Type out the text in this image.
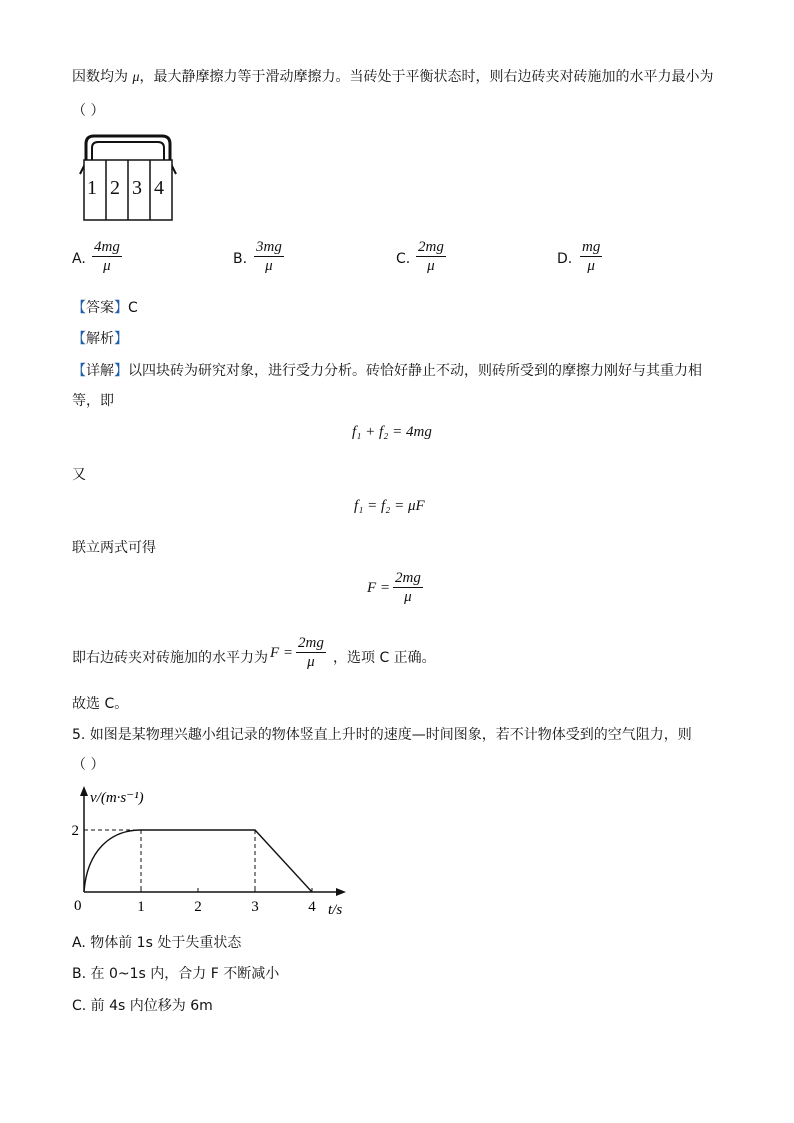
因数均为 μ，最大静摩擦力等于滑动摩擦力。当砖处于平衡状态时，则右边砖夹对砖施加的水平力最小为
（ ）
1 2 3 4
A.
4mg
μ	B.
3mg
μ	C.
2mg
μ	D.
mg
μ
【答案】C
【解析】
【详解】以四块砖为研究对象，进行受力分析。砖恰好静止不动，则砖所受到的摩擦力刚好与其重力相
等，即
f₁ + f₂ = 4mg
又
f₁ = f₂ = μF
联立两式可得
F =
2mg
μ
即右边砖夹对砖施加的水平力为 F =
2mg
μ ，选项 C 正确。
故选 C。
5. 如图是某物理兴趣小组记录的物体竖直上升时的速度—时间图象，若不计物体受到的空气阻力，则
（ ）
v/(m·s⁻¹)
t/s
0	1	2	3	4
2
A. 物体前 1s 处于失重状态
B. 在 0~1s 内，合力 F 不断减小
C. 前 4s 内位移为 6m
